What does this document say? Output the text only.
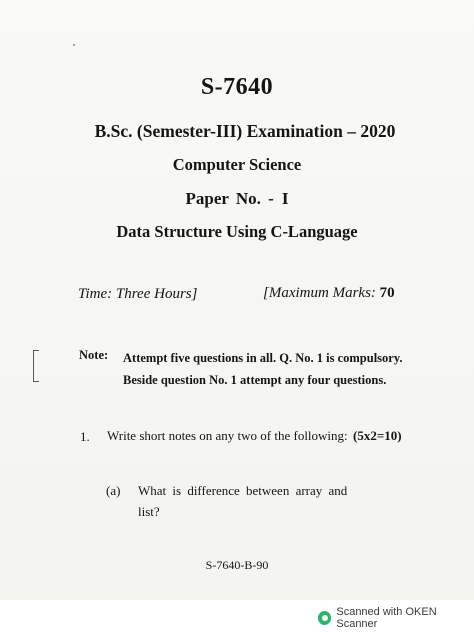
S-7640
B.Sc. (Semester-III) Examination – 2020
Computer Science
Paper No. - I
Data Structure Using C-Language
Time: Three Hours]	[Maximum Marks: 70
Note: Attempt five questions in all. Q. No. 1 is compulsory.
Beside question No. 1 attempt any four questions.
1. Write short notes on any two of the following: (5x2=10)
(a) What is difference between array and list?
S-7640-B-90
Scanned with OKEN Scanner
